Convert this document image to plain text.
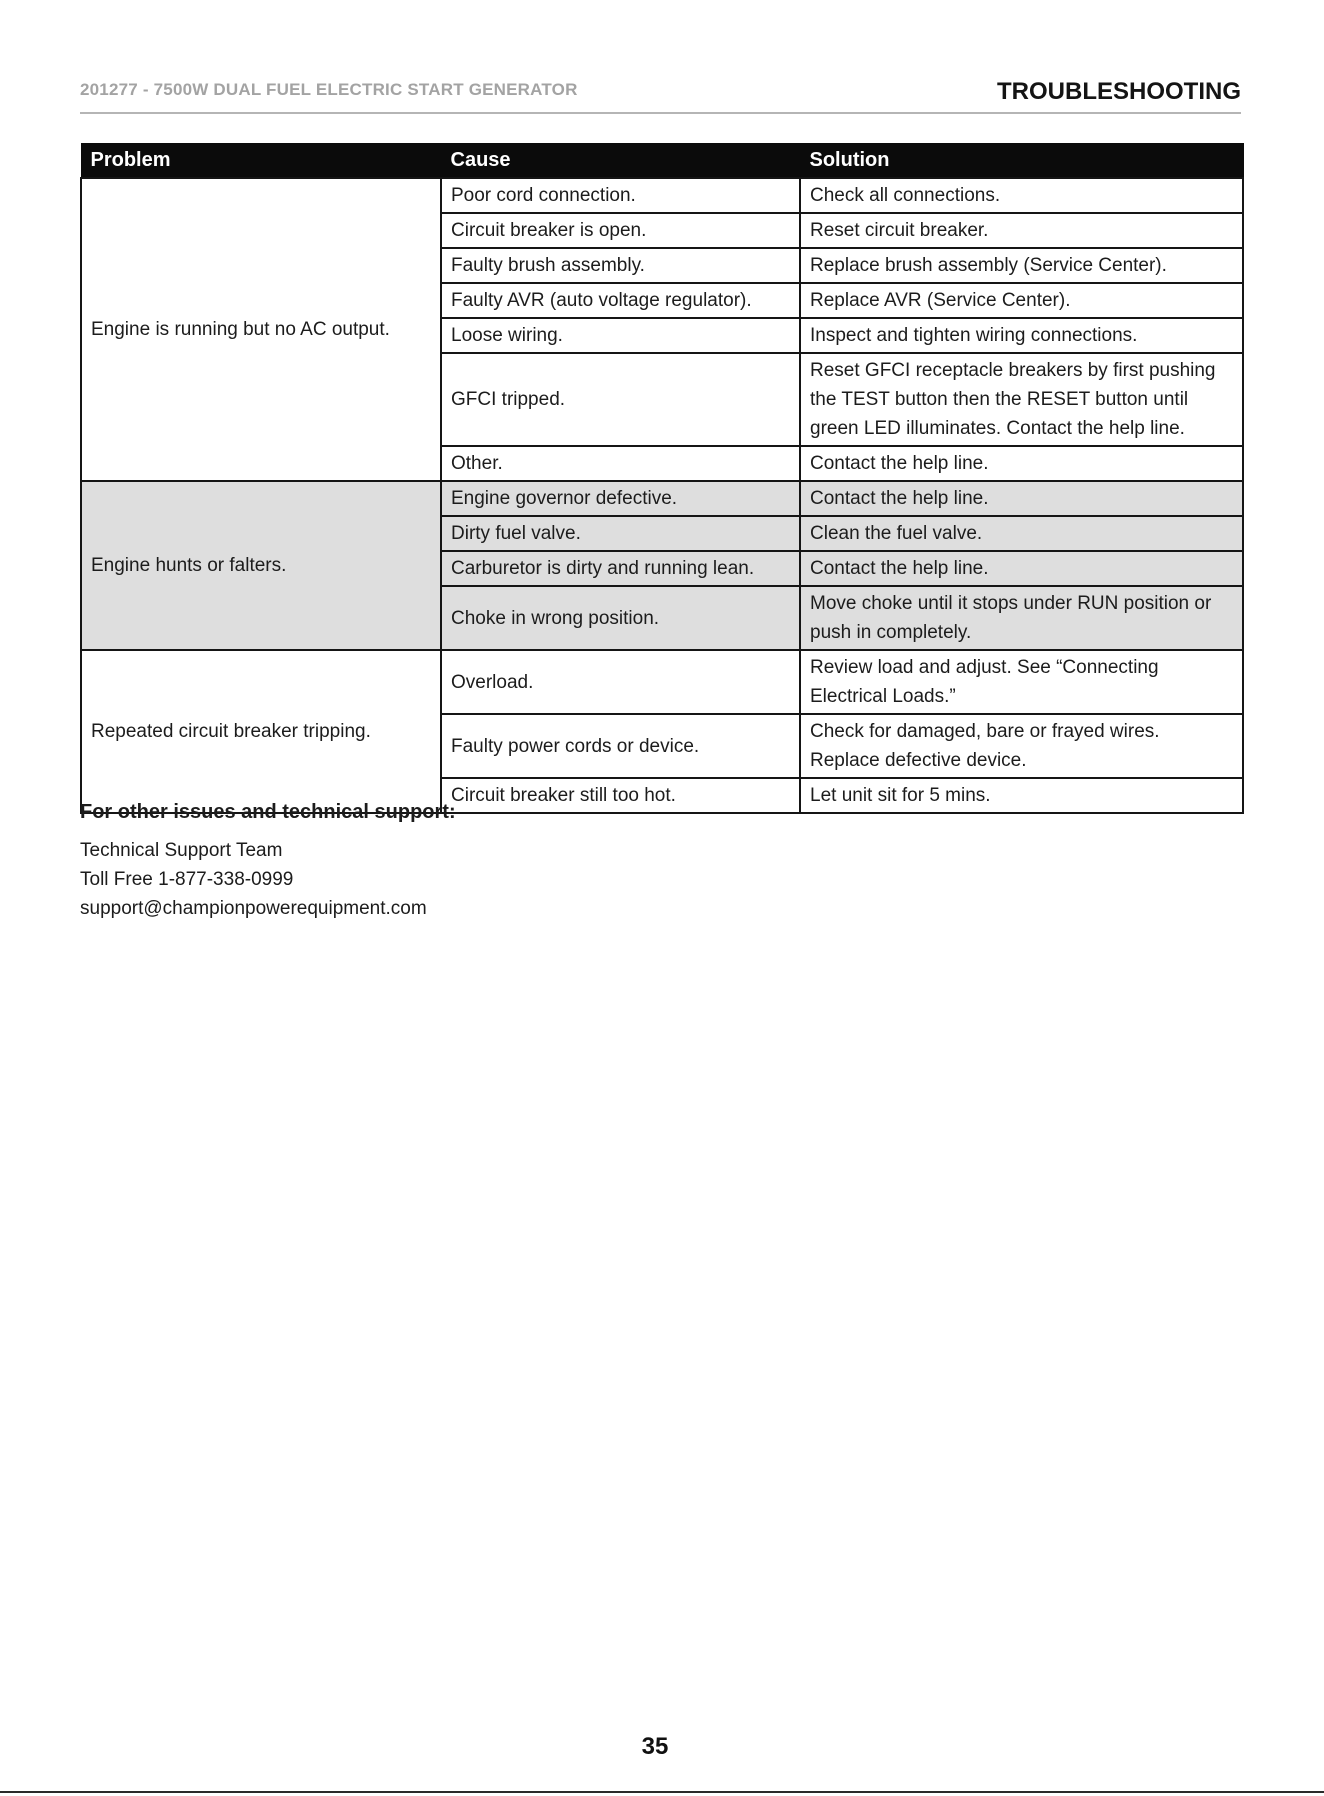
201277 - 7500W DUAL FUEL ELECTRIC START GENERATOR	TROUBLESHOOTING
Problem	Cause	Solution
Engine is running but no AC output.	Poor cord connection.	Check all connections.
	Circuit breaker is open.	Reset circuit breaker.
	Faulty brush assembly.	Replace brush assembly (Service Center).
	Faulty AVR (auto voltage regulator).	Replace AVR (Service Center).
	Loose wiring.	Inspect and tighten wiring connections.
	GFCI tripped.	Reset GFCI receptacle breakers by first pushing the TEST button then the RESET button until green LED illuminates. Contact the help line.
	Other.	Contact the help line.
Engine hunts or falters.	Engine governor defective.	Contact the help line.
	Dirty fuel valve.	Clean the fuel valve.
	Carburetor is dirty and running lean.	Contact the help line.
	Choke in wrong position.	Move choke until it stops under RUN position or push in completely.
Repeated circuit breaker tripping.	Overload.	Review load and adjust. See “Connecting Electrical Loads.”
	Faulty power cords or device.	Check for damaged, bare or frayed wires. Replace defective device.
	Circuit breaker still too hot.	Let unit sit for 5 mins.
For other issues and technical support:
Technical Support Team
Toll Free 1-877-338-0999
support@championpowerequipment.com
35
